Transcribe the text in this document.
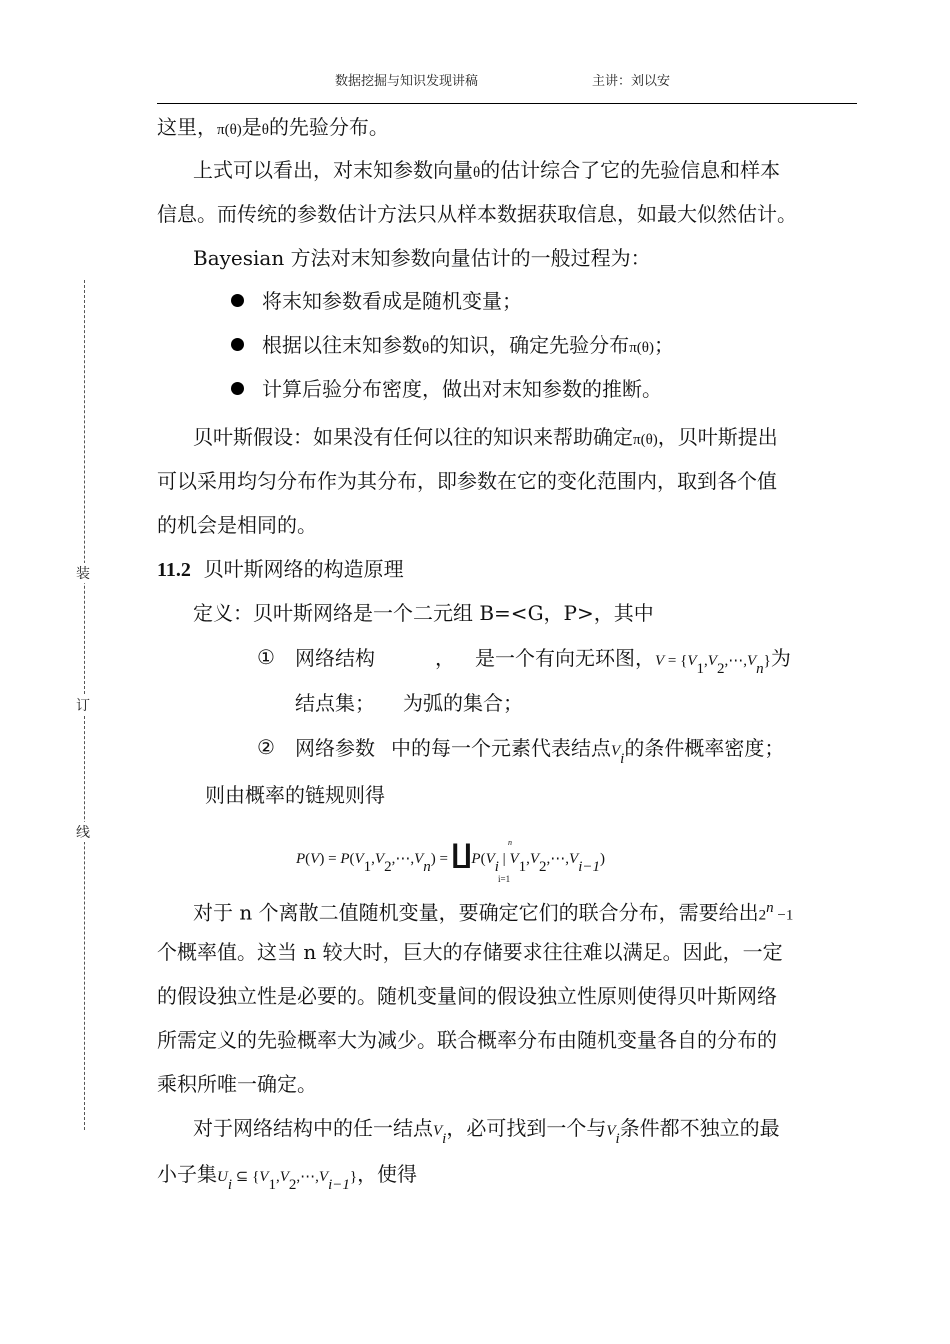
数据挖掘与知识发现讲稿	主讲：刘以安
装
订
线
这里，π(θ)是θ的先验分布。
上式可以看出，对末知参数向量θ的估计综合了它的先验信息和样本
信息。而传统的参数估计方法只从样本数据获取信息，如最大似然估计。
Bayesian 方法对末知参数向量估计的一般过程为：
将末知参数看成是随机变量；
根据以往末知参数θ的知识，确定先验分布π(θ)；
计算后验分布密度，做出对末知参数的推断。
贝叶斯假设：如果没有任何以往的知识来帮助确定π(θ)，贝叶斯提出
可以采用均匀分布作为其分布，即参数在它的变化范围内，取到各个值
的机会是相同的。
11.2 贝叶斯网络的构造原理
定义：贝叶斯网络是一个二元组 B=<G，P>，其中
① 网络结构	， 是一个有向无环图，$V = \{V_1,V_2,\cdots,V_n\}$为
结点集； 为弧的集合；
② 网络参数 中的每一个元素代表结点$V_i$的条件概率密度；
则由概率的链规则得
$P(V) = P(V_1,V_2,\cdots,V_n)$ = $∐P(V_i$ | $V_1,V_2,\cdots,V_{i-1}$)
i=1
n
对于 n 个离散二值随机变量，要确定它们的联合分布，需要给出$2^n -1$
个概率值。这当 n 较大时，巨大的存储要求往往难以满足。因此，一定
的假设独立性是必要的。随机变量间的假设独立性原则使得贝叶斯网络
所需定义的先验概率大为减少。联合概率分布由随机变量各自的分布的
乘积所唯一确定。
对于网络结构中的任一结点$V_i$，必可找到一个与$V_i$条件都不独立的最
小子集$U_i$ ⊆ $\{V_1,V_2,\cdots,V_{i-1}\}$，使得
